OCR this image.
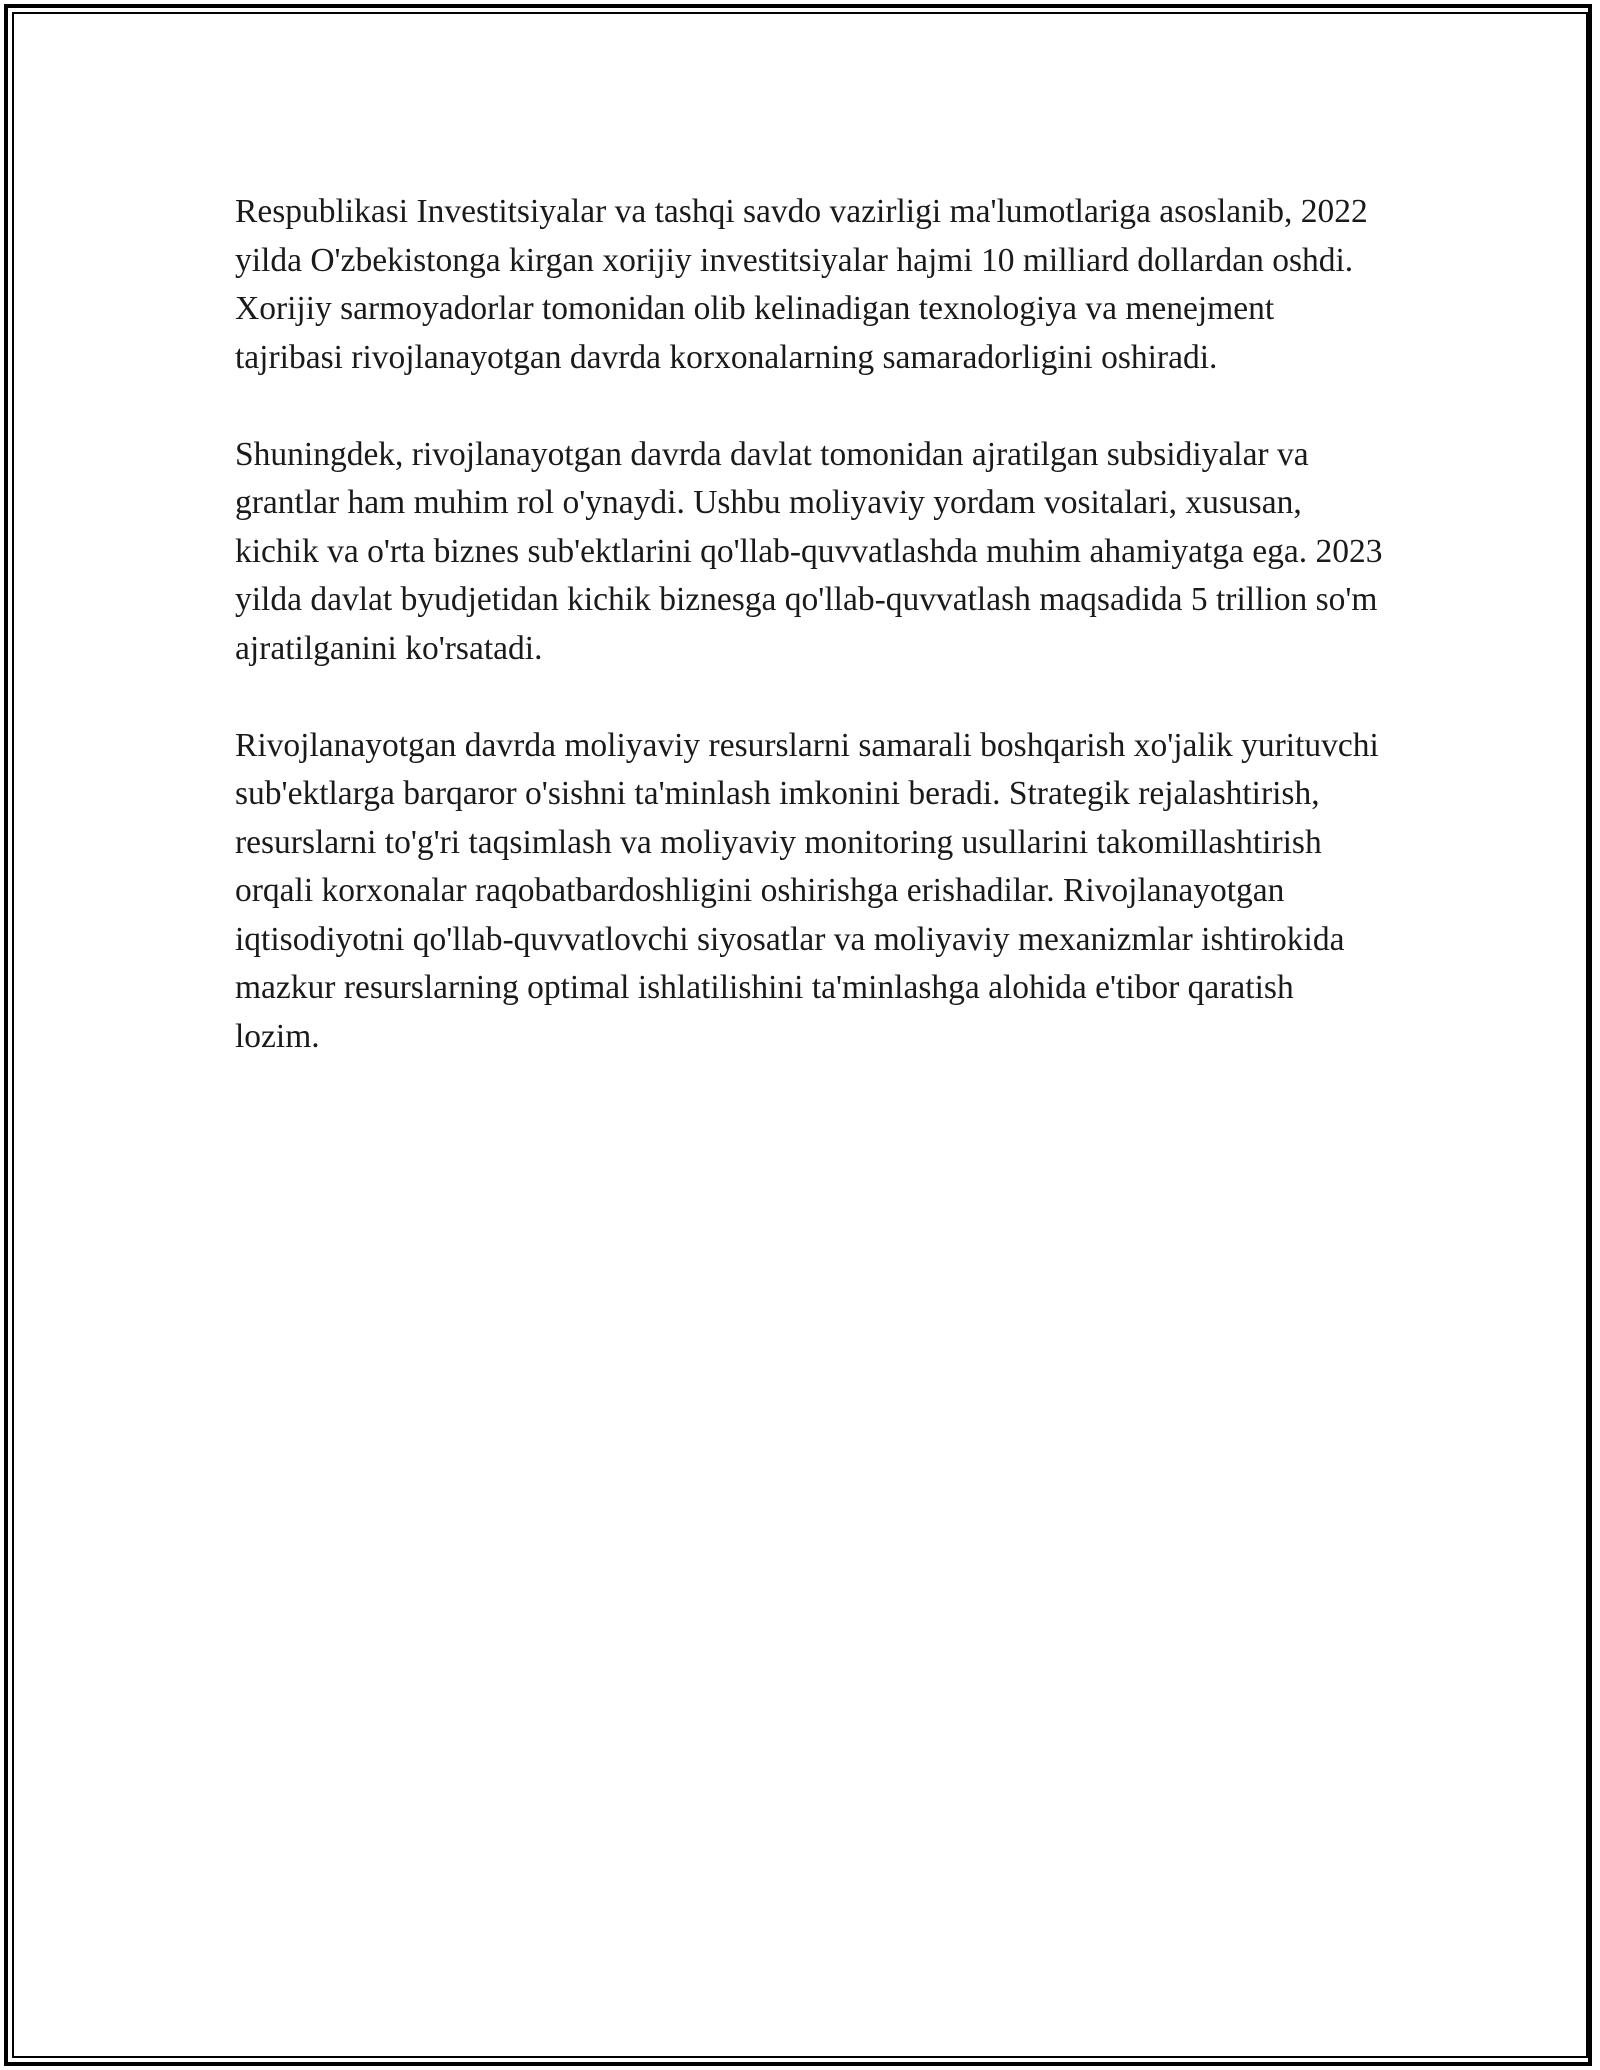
Respublikasi Investitsiyalar va tashqi savdo vazirligi ma'lumotlariga asoslanib, 2022 yilda O'zbekistonga kirgan xorijiy investitsiyalar hajmi 10 milliard dollardan oshdi. Xorijiy sarmoyadorlar tomonidan olib kelinadigan texnologiya va menejment tajribasi rivojlanayotgan davrda korxonalarning samaradorligini oshiradi.

Shuningdek, rivojlanayotgan davrda davlat tomonidan ajratilgan subsidiyalar va grantlar ham muhim rol o'ynaydi. Ushbu moliyaviy yordam vositalari, xususan, kichik va o'rta biznes sub'ektlarini qo'llab-quvvatlashda muhim ahamiyatga ega. 2023 yilda davlat byudjetidan kichik biznesga qo'llab-quvvatlash maqsadida 5 trillion so'm ajratilganini ko'rsatadi.

Rivojlanayotgan davrda moliyaviy resurslarni samarali boshqarish xo'jalik yurituvchi sub'ektlarga barqaror o'sishni ta'minlash imkonini beradi. Strategik rejalashtirish, resurslarni to'g'ri taqsimlash va moliyaviy monitoring usullarini takomillashtirish orqali korxonalar raqobatbardoshligini oshirishga erishadilar. Rivojlanayotgan iqtisodiyotni qo'llab-quvvatlovchi siyosatlar va moliyaviy mexanizmlar ishtirokida mazkur resurslarning optimal ishlatilishini ta'minlashga alohida e'tibor qaratish lozim.
